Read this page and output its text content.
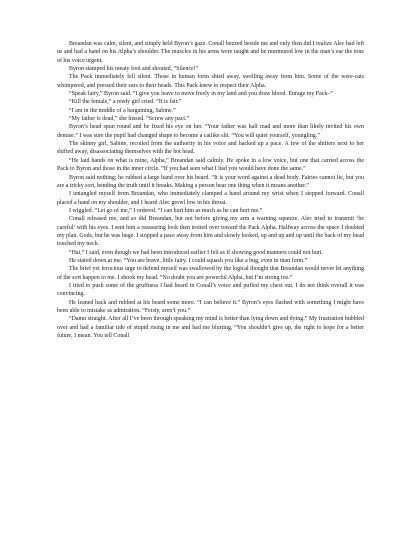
Breandan was calm, silent, and simply held Byron’s gaze. Conall buzzed beside me and only then did I realize Alec had left us and had a hand on his Alpha’s shoulder. The muscles in his arms were taught and he murmured low in the man’s ear the tone of his voice urgent.

Byron stamped his meaty foot and shouted, “Silence!”

The Pack immediately fell silent. Those in human form shied away, swelling away from him. Some of the were-cats whimpered, and pressed their ears to their heads. This Pack knew to respect their Alpha.

“Speak fairy,” Byron said. “I give you leave to move freely in my land and you draw blood. Enrage my Pack–”

“Kill the female,” a reedy girl cried. “It is fair.”

“I am in the middle of a bargaining, Sabine.”

“My father is dead,” she hissed. “Screw any pact.”

Byron’s head spun round and he fixed his eye on her. “Your father was half mad and more than likely invited his own demise.” I was sure the pupil had changed shape to become a catlike slit. “You will quiet yourself, youngling.”

The skinny girl, Sabine, recoiled from the authority in his voice and backed up a pace. A few of the shifters next to her shifted away, disassociating themselves with the hot head.

“He laid hands on what is mine, Alpha,” Breandan said calmly. He spoke in a low voice, but one that carried across the Pack to Byron and those in the inner circle. “If you had seen what I had you would have done the same.”

Byron said nothing; he rubbed a large hand over his beard. “It is your word against a dead body. Fairies cannot lie, but you are a tricky sort, bending the truth until it breaks. Making a person hear one thing when it means another.”

I untangled myself from Breandan, who immediately clamped a hand around my wrist when I stepped forward. Conall placed a hand on my shoulder, and I heard Alec growl low in his throat.

I wiggled. “Let go of me,” I ordered. “I can hurt him as much as he can hurt me.”

Conall released me, and so did Breandan, but not before giving my arm a warning squeeze. Alec tried to transmit ‘be careful’ with his eyes. I sent him a reassuring look then trotted over toward the Pack Alpha. Halfway across the space I doubted my plan. Gods, but he was huge. I stopped a pace away from him and slowly looked, up and up and up until the back of my head touched my neck.

“Hai,” I said, even though we had been introduced earlier I felt as if showing good manners could not hurt.

He stared down at me. “You are brave, little fairy. I could squash you like a bug, even in man form.”

The brief yet ferocious urge to defend myself was swallowed by the logical thought that Breandan would never let anything of the sort happen to me. I shook my head. “No doubt you are powerful Alpha, but I’m strong too.”

I tried to push some of the gruffness I had heard in Conall’s voice and puffed my chest out. I do not think overall it was convincing.

He leaned back and rubbed at his beard some more. “I can believe it.” Byron’s eyes flashed with something I might have been able to mistake as admiration. “Feisty, aren’t you.”

“Damn straight. After all I’ve been through speaking my mind is better than lying down and dying.” My frustration bubbled over and had a familiar tide of stupid rising in me and had me blurting, “You shouldn’t give up, the right to hope for a better future, I mean. You tell Conall
